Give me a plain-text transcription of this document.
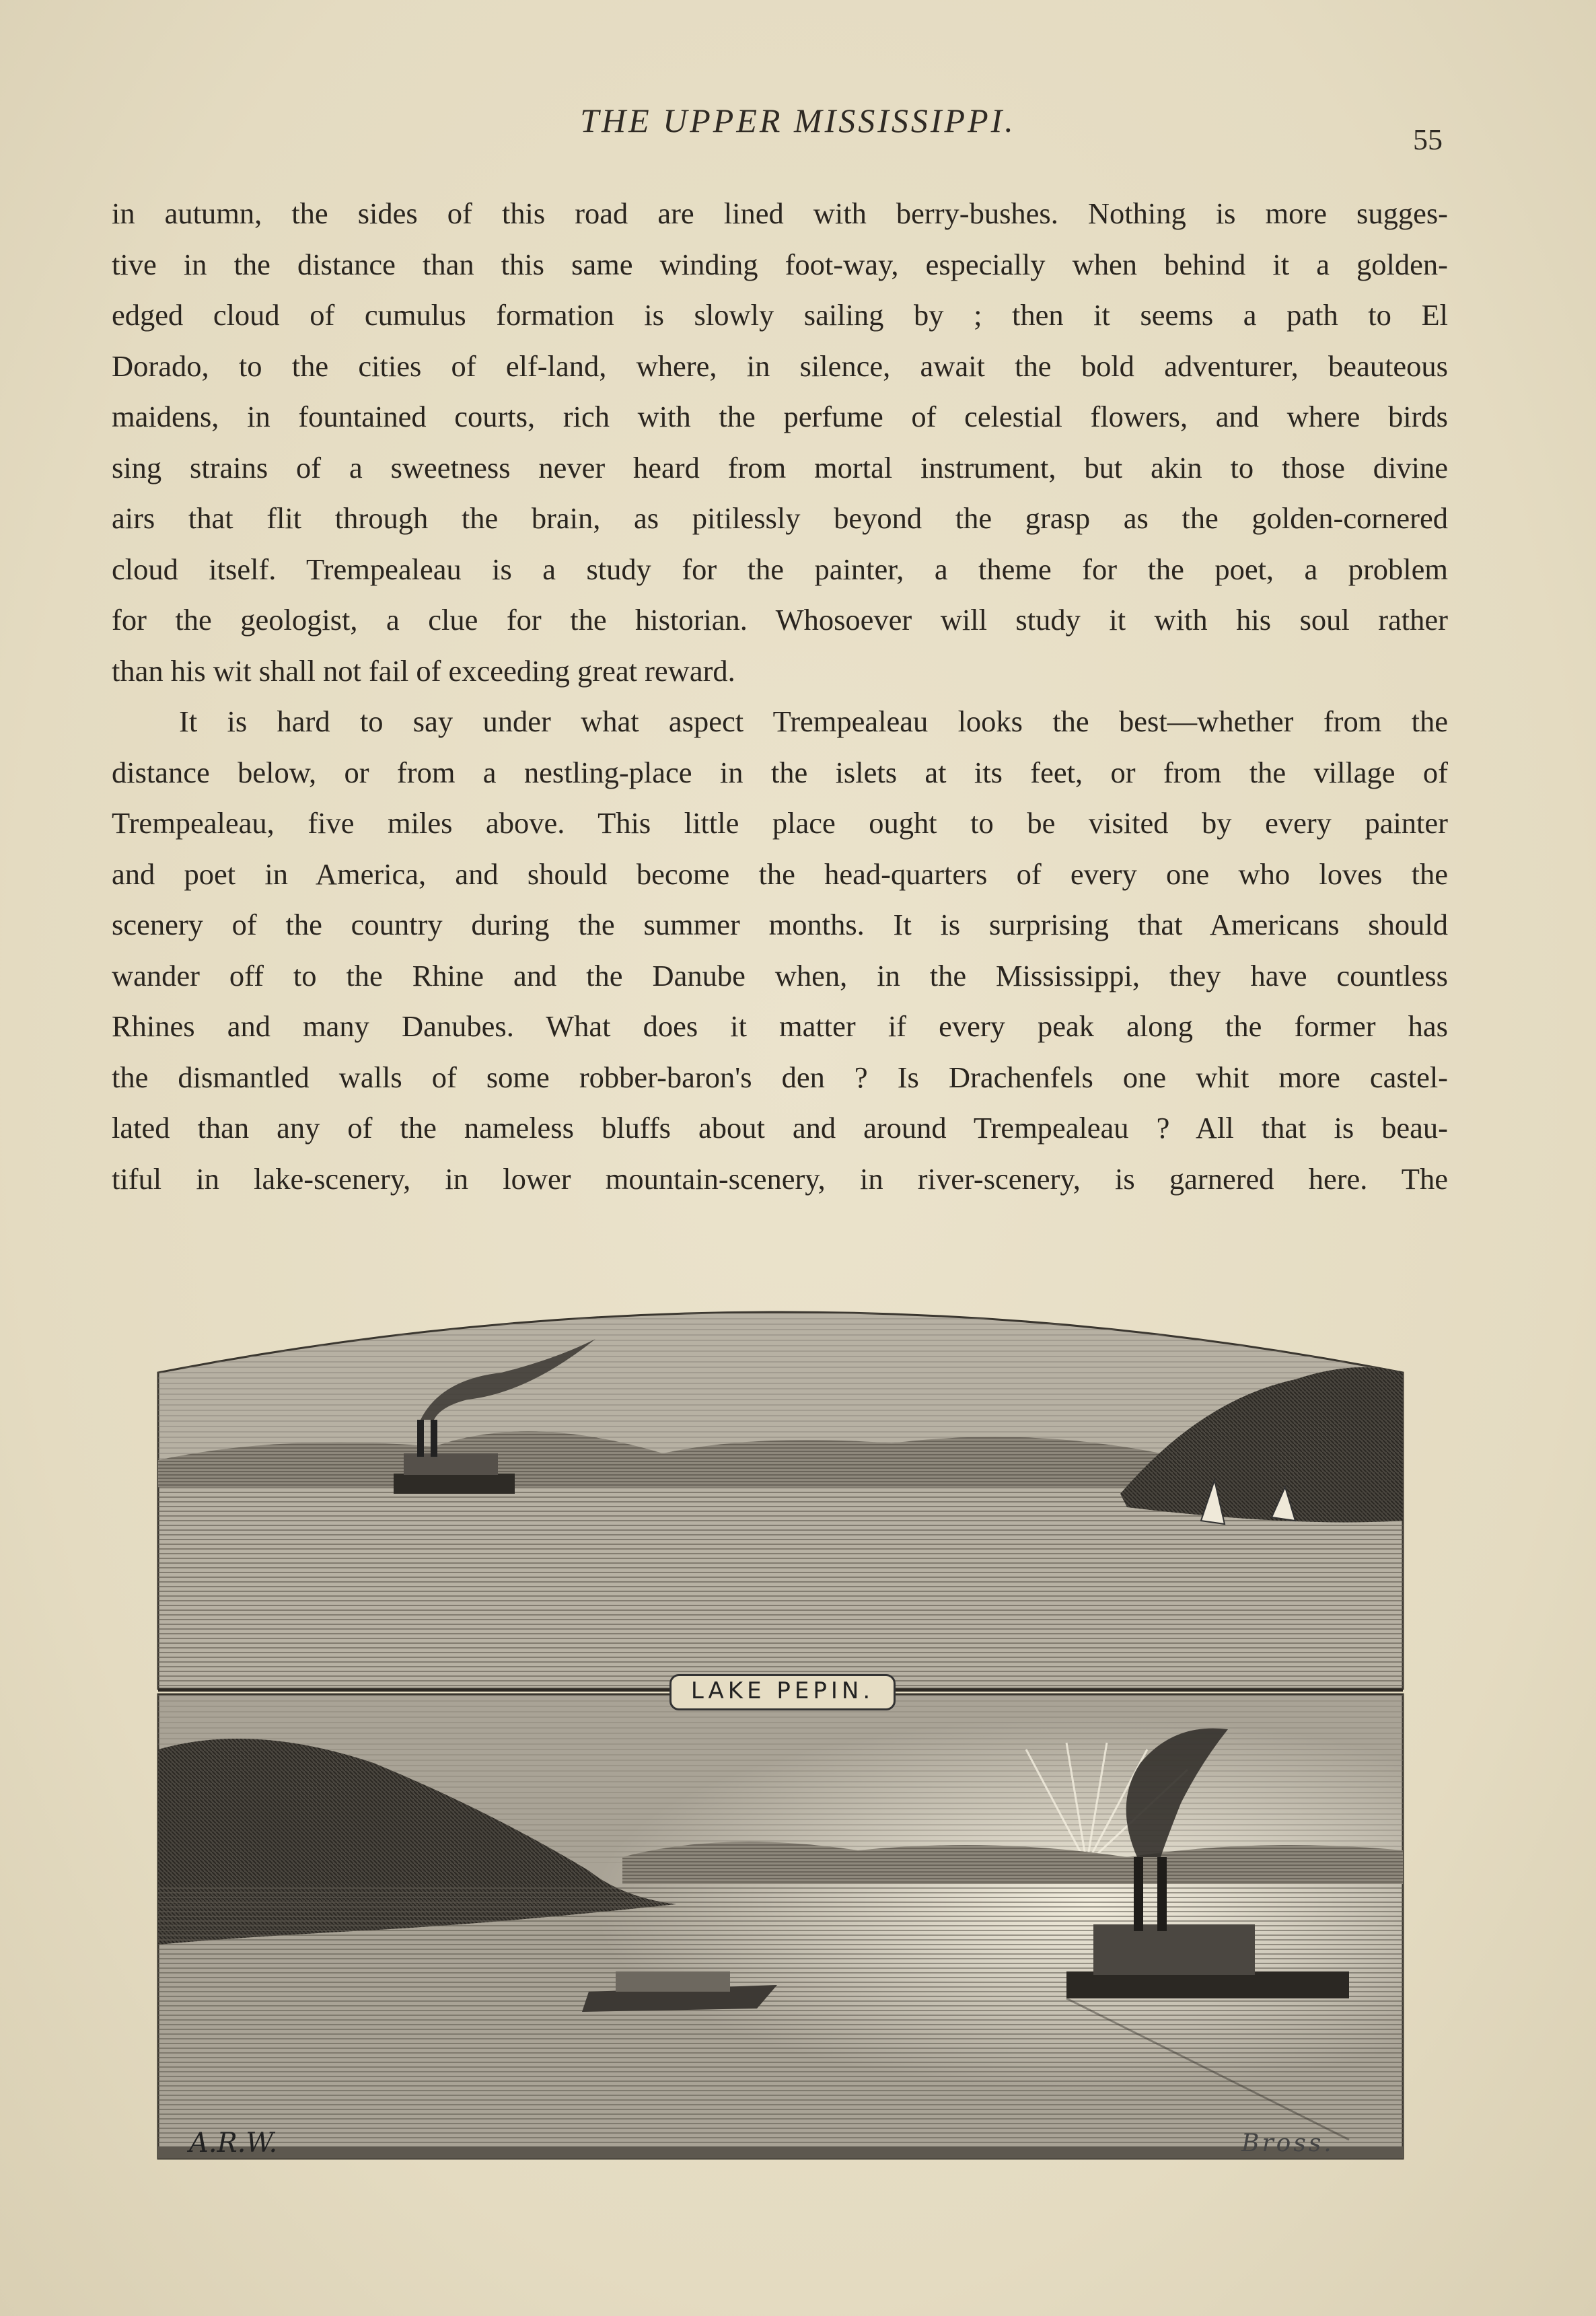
THE UPPER MISSISSIPPI.
55
in autumn, the sides of this road are lined with berry-bushes. Nothing is more sugges-
tive in the distance than this same winding foot-way, especially when behind it a golden-
edged cloud of cumulus formation is slowly sailing by ; then it seems a path to El
Dorado, to the cities of elf-land, where, in silence, await the bold adventurer, beauteous
maidens, in fountained courts, rich with the perfume of celestial flowers, and where birds
sing strains of a sweetness never heard from mortal instrument, but akin to those divine
airs that flit through the brain, as pitilessly beyond the grasp as the golden-cornered
cloud itself. Trempealeau is a study for the painter, a theme for the poet, a problem
for the geologist, a clue for the historian. Whosoever will study it with his soul rather
than his wit shall not fail of exceeding great reward.
It is hard to say under what aspect Trempealeau looks the best—whether from the
distance below, or from a nestling-place in the islets at its feet, or from the village of
Trempealeau, five miles above. This little place ought to be visited by every painter
and poet in America, and should become the head-quarters of every one who loves the
scenery of the country during the summer months. It is surprising that Americans should
wander off to the Rhine and the Danube when, in the Mississippi, they have countless
Rhines and many Danubes. What does it matter if every peak along the former has
the dismantled walls of some robber-baron's den ? Is Drachenfels one whit more castel-
lated than any of the nameless bluffs about and around Trempealeau ? All that is beau-
tiful in lake-scenery, in lower mountain-scenery, in river-scenery, is garnered here. The
LAKE PEPIN.
A.R.W.	Bross.
